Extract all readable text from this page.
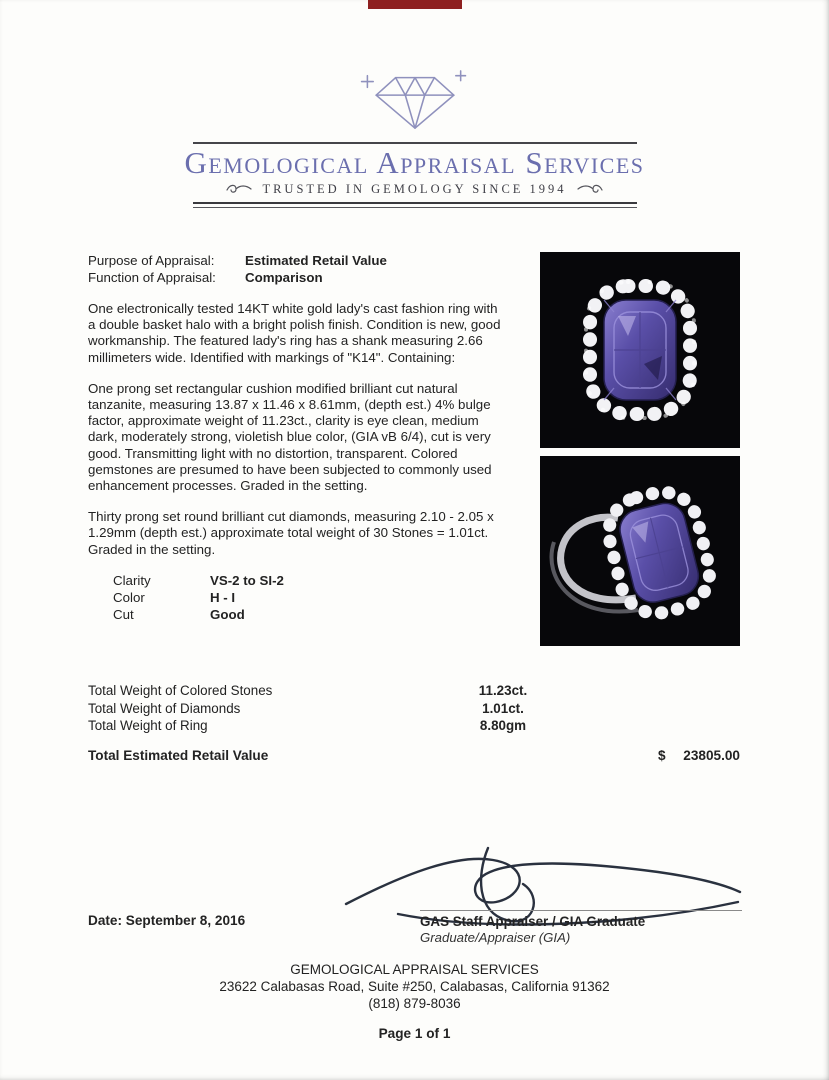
Gemological Appraisal Services
TRUSTED IN GEMOLOGY SINCE 1994
Purpose of Appraisal:	Estimated Retail Value
Function of Appraisal:	Comparison

One electronically tested 14KT white gold lady's cast fashion ring with a double basket halo with a bright polish finish. Condition is new, good workmanship. The featured lady's ring has a shank measuring 2.66 millimeters wide. Identified with markings of "K14". Containing:

One prong set rectangular cushion modified brilliant cut natural tanzanite, measuring 13.87 x 11.46 x 8.61mm, (depth est.) 4% bulge factor, approximate weight of 11.23ct., clarity is eye clean, medium dark, moderately strong, violetish blue color, (GIA vB 6/4), cut is very good. Transmitting light with no distortion, transparent. Colored gemstones are presumed to have been subjected to commonly used enhancement processes. Graded in the setting.

Thirty prong set round brilliant cut diamonds, measuring 2.10 - 2.05 x 1.29mm (depth est.) approximate total weight of 30 Stones = 1.01ct. Graded in the setting.

Clarity	VS-2 to SI-2
Color	H - I
Cut	Good
Total Weight of Colored Stones	11.23ct.
Total Weight of Diamonds	1.01ct.
Total Weight of Ring	8.80gm
Total Estimated Retail Value	$ 23805.00
Date: September 8, 2016	GAS Staff Appraiser / GIA Graduate
Graduate/Appraiser (GIA)
GEMOLOGICAL APPRAISAL SERVICES
23622 Calabasas Road, Suite #250, Calabasas, California 91362
(818) 879-8036
Page 1 of 1
